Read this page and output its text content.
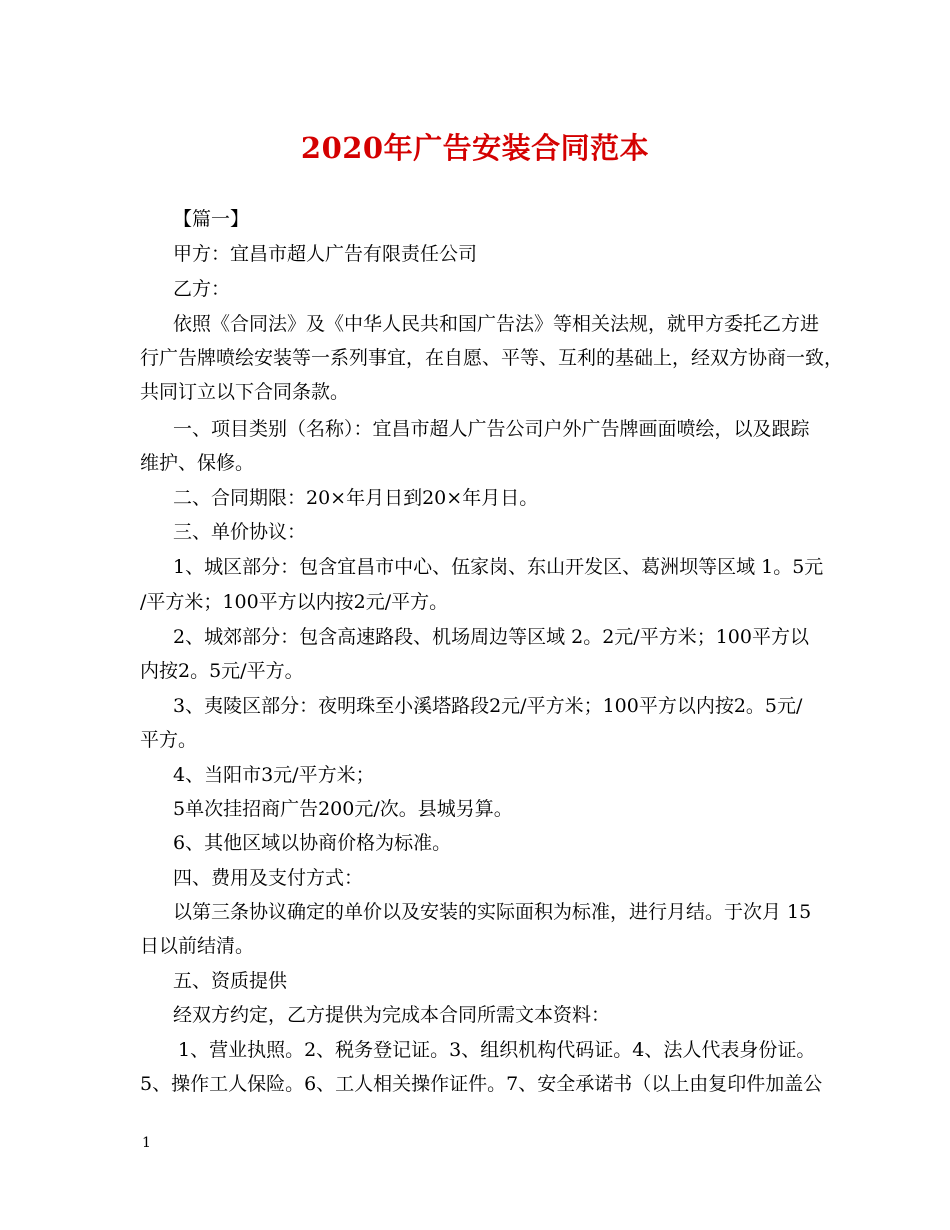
2020年广告安装合同范本
【篇一】
甲方：宜昌市超人广告有限责任公司
乙方：
依照《合同法》及《中华人民共和国广告法》等相关法规，就甲方委托乙方进
行广告牌喷绘安装等一系列事宜，在自愿、平等、互利的基础上，经双方协商一致，
共同订立以下合同条款。
一、项目类别（名称）：宜昌市超人广告公司户外广告牌画面喷绘，以及跟踪
维护、保修。
二、合同期限：20×年月日到20×年月日。
三、单价协议：
1、城区部分：包含宜昌市中心、伍家岗、东山开发区、葛洲坝等区域 1。5元
/平方米；100平方以内按2元/平方。
2、城郊部分：包含高速路段、机场周边等区域 2。2元/平方米；100平方以
内按2。5元/平方。
3、夷陵区部分：夜明珠至小溪塔路段2元/平方米；100平方以内按2。5元/
平方。
4、当阳市3元/平方米；
5单次挂招商广告200元/次。县城另算。
6、其他区域以协商价格为标准。
四、费用及支付方式：
以第三条协议确定的单价以及安装的实际面积为标准，进行月结。于次月 15
日以前结清。
五、资质提供
经双方约定，乙方提供为完成本合同所需文本资料：
1、营业执照。2、税务登记证。3、组织机构代码证。4、法人代表身份证。
5、操作工人保险。6、工人相关操作证件。7、安全承诺书（以上由复印件加盖公
1
